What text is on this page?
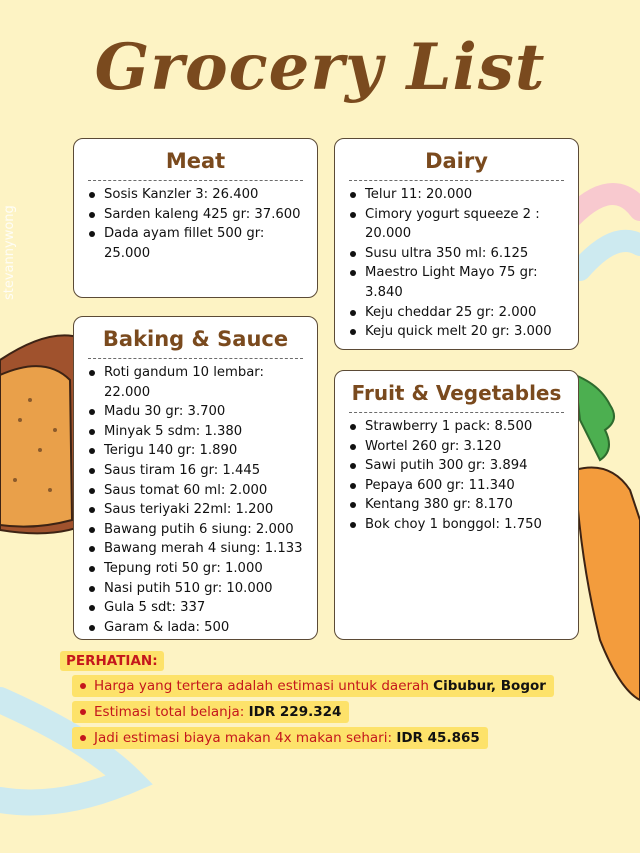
Grocery List
stevannywong
Meat
Sosis Kanzler 3: 26.400
Sarden kaleng 425 gr: 37.600
Dada ayam fillet 500 gr: 25.000
Dairy
Telur 11: 20.000
Cimory yogurt squeeze 2 : 20.000
Susu ultra 350 ml: 6.125
Maestro Light Mayo 75 gr: 3.840
Keju cheddar 25 gr: 2.000
Keju quick melt 20 gr: 3.000
Baking & Sauce
Roti gandum 10 lembar: 22.000
Madu 30 gr: 3.700
Minyak 5 sdm: 1.380
Terigu 140 gr: 1.890
Saus tiram 16 gr: 1.445
Saus tomat 60 ml: 2.000
Saus teriyaki 22ml: 1.200
Bawang putih 6 siung: 2.000
Bawang merah 4 siung: 1.133
Tepung roti 50 gr: 1.000
Nasi putih 510 gr: 10.000
Gula 5 sdt: 337
Garam & lada: 500
Fruit & Vegetables
Strawberry 1 pack: 8.500
Wortel 260 gr: 3.120
Sawi putih 300 gr: 3.894
Pepaya 600 gr: 11.340
Kentang 380 gr: 8.170
Bok choy 1 bonggol: 1.750
PERHATIAN:
Harga yang tertera adalah estimasi untuk daerah Cibubur, Bogor
Estimasi total belanja: IDR 229.324
Jadi estimasi biaya makan 4x makan sehari: IDR 45.865
